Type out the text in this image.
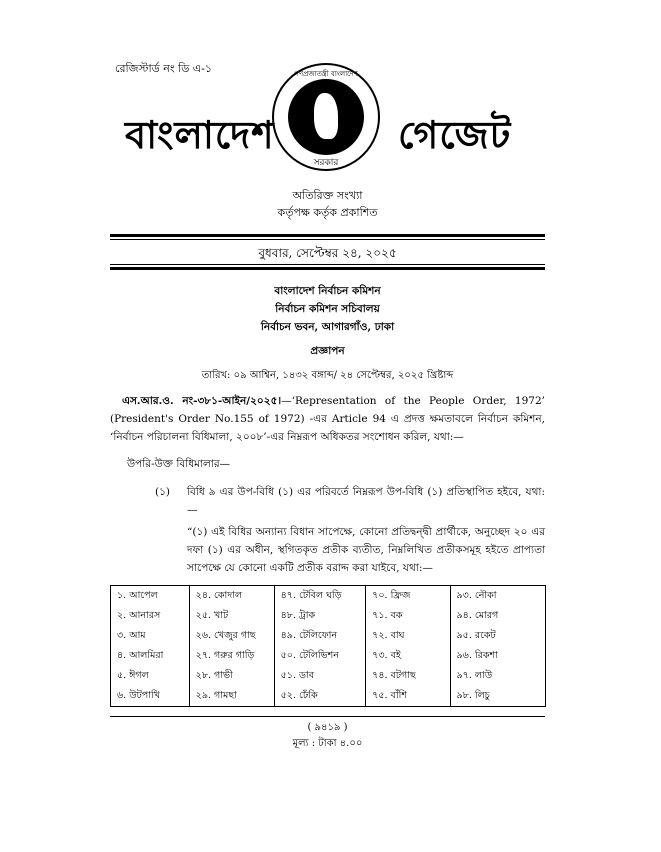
রেজিস্টার্ড নং ডি এ-১
বাংলাদেশ	গেজেট
গণপ্রজাতন্ত্রী বাংলাদেশ
সরকার
অতিরিক্ত সংখ্যা
কর্তৃপক্ষ কর্তৃক প্রকাশিত
বুধবার, সেপ্টেম্বর ২৪, ২০২৫
বাংলাদেশ নির্বাচন কমিশন
নির্বাচন কমিশন সচিবালয়
নির্বাচন ভবন, আগারগাঁও, ঢাকা
প্রজ্ঞাপন
তারিখ: ০৯ আশ্বিন, ১৪৩২ বঙ্গাব্দ/ ২৪ সেপ্টেম্বর, ২০২৫ খ্রিষ্টাব্দ
এস.আর.ও. নং-৩৮১-আইন/২০২৫।—‘Representation of the People Order, 1972’ (President's Order No.155 of 1972) -এর Article 94 এ প্রদত্ত ক্ষমতাবলে নির্বাচন কমিশন, ‘নির্বাচন পরিচালনা বিধিমালা, ২০০৮’-এর নিম্নরূপ অধিকতর সংশোধন করিল, যথা:—
উপরি-উক্ত বিধিমালার—
(১)	বিধি ৯ এর উপ-বিধি (১) এর পরিবর্তে নিম্নরূপ উপ-বিধি (১) প্রতিস্থাপিত হইবে, যথা:—
“(১) এই বিধির অন্যান্য বিধান সাপেক্ষে, কোনো প্রতিদ্বন্দ্বী প্রার্থীকে, অনুচ্ছেদ ২০ এর দফা (১) এর অধীন, স্থগিতকৃত প্রতীক ব্যতীত, নিম্নলিখিত প্রতীকসমূহ হইতে প্রাপ্যতা সাপেক্ষে যে কোনো একটি প্রতীক বরাদ্দ করা যাইবে, যথা:—
১. আপেল	২৪. কোদাল	৪৭. টেবিল ঘড়ি	৭০. ফ্রিজ	৯৩. নৌকা
২. আনারস	২৫. খাট	৪৮. ট্রাক	৭১. বক	৯৪. মোরগ
৩. আম	২৬. খেজুর গাছ	৪৯. টেলিফোন	৭২. বাঘ	৯৫. রকেট
৪. আলমিরা	২৭. গরুর গাড়ি	৫০. টেলিভিশন	৭৩. বই	৯৬. রিকশা
৫. ঈগল	২৮. গাভী	৫১. ডাব	৭৪. বটগাছ	৯৭. লাউ
৬. উটপাখি	২৯. গামছা	৫২. ঢেঁকি	৭৫. বাঁশি	৯৮. লিচু
( ৯৪১৯ )
মূল্য : টাকা ৪.০০
